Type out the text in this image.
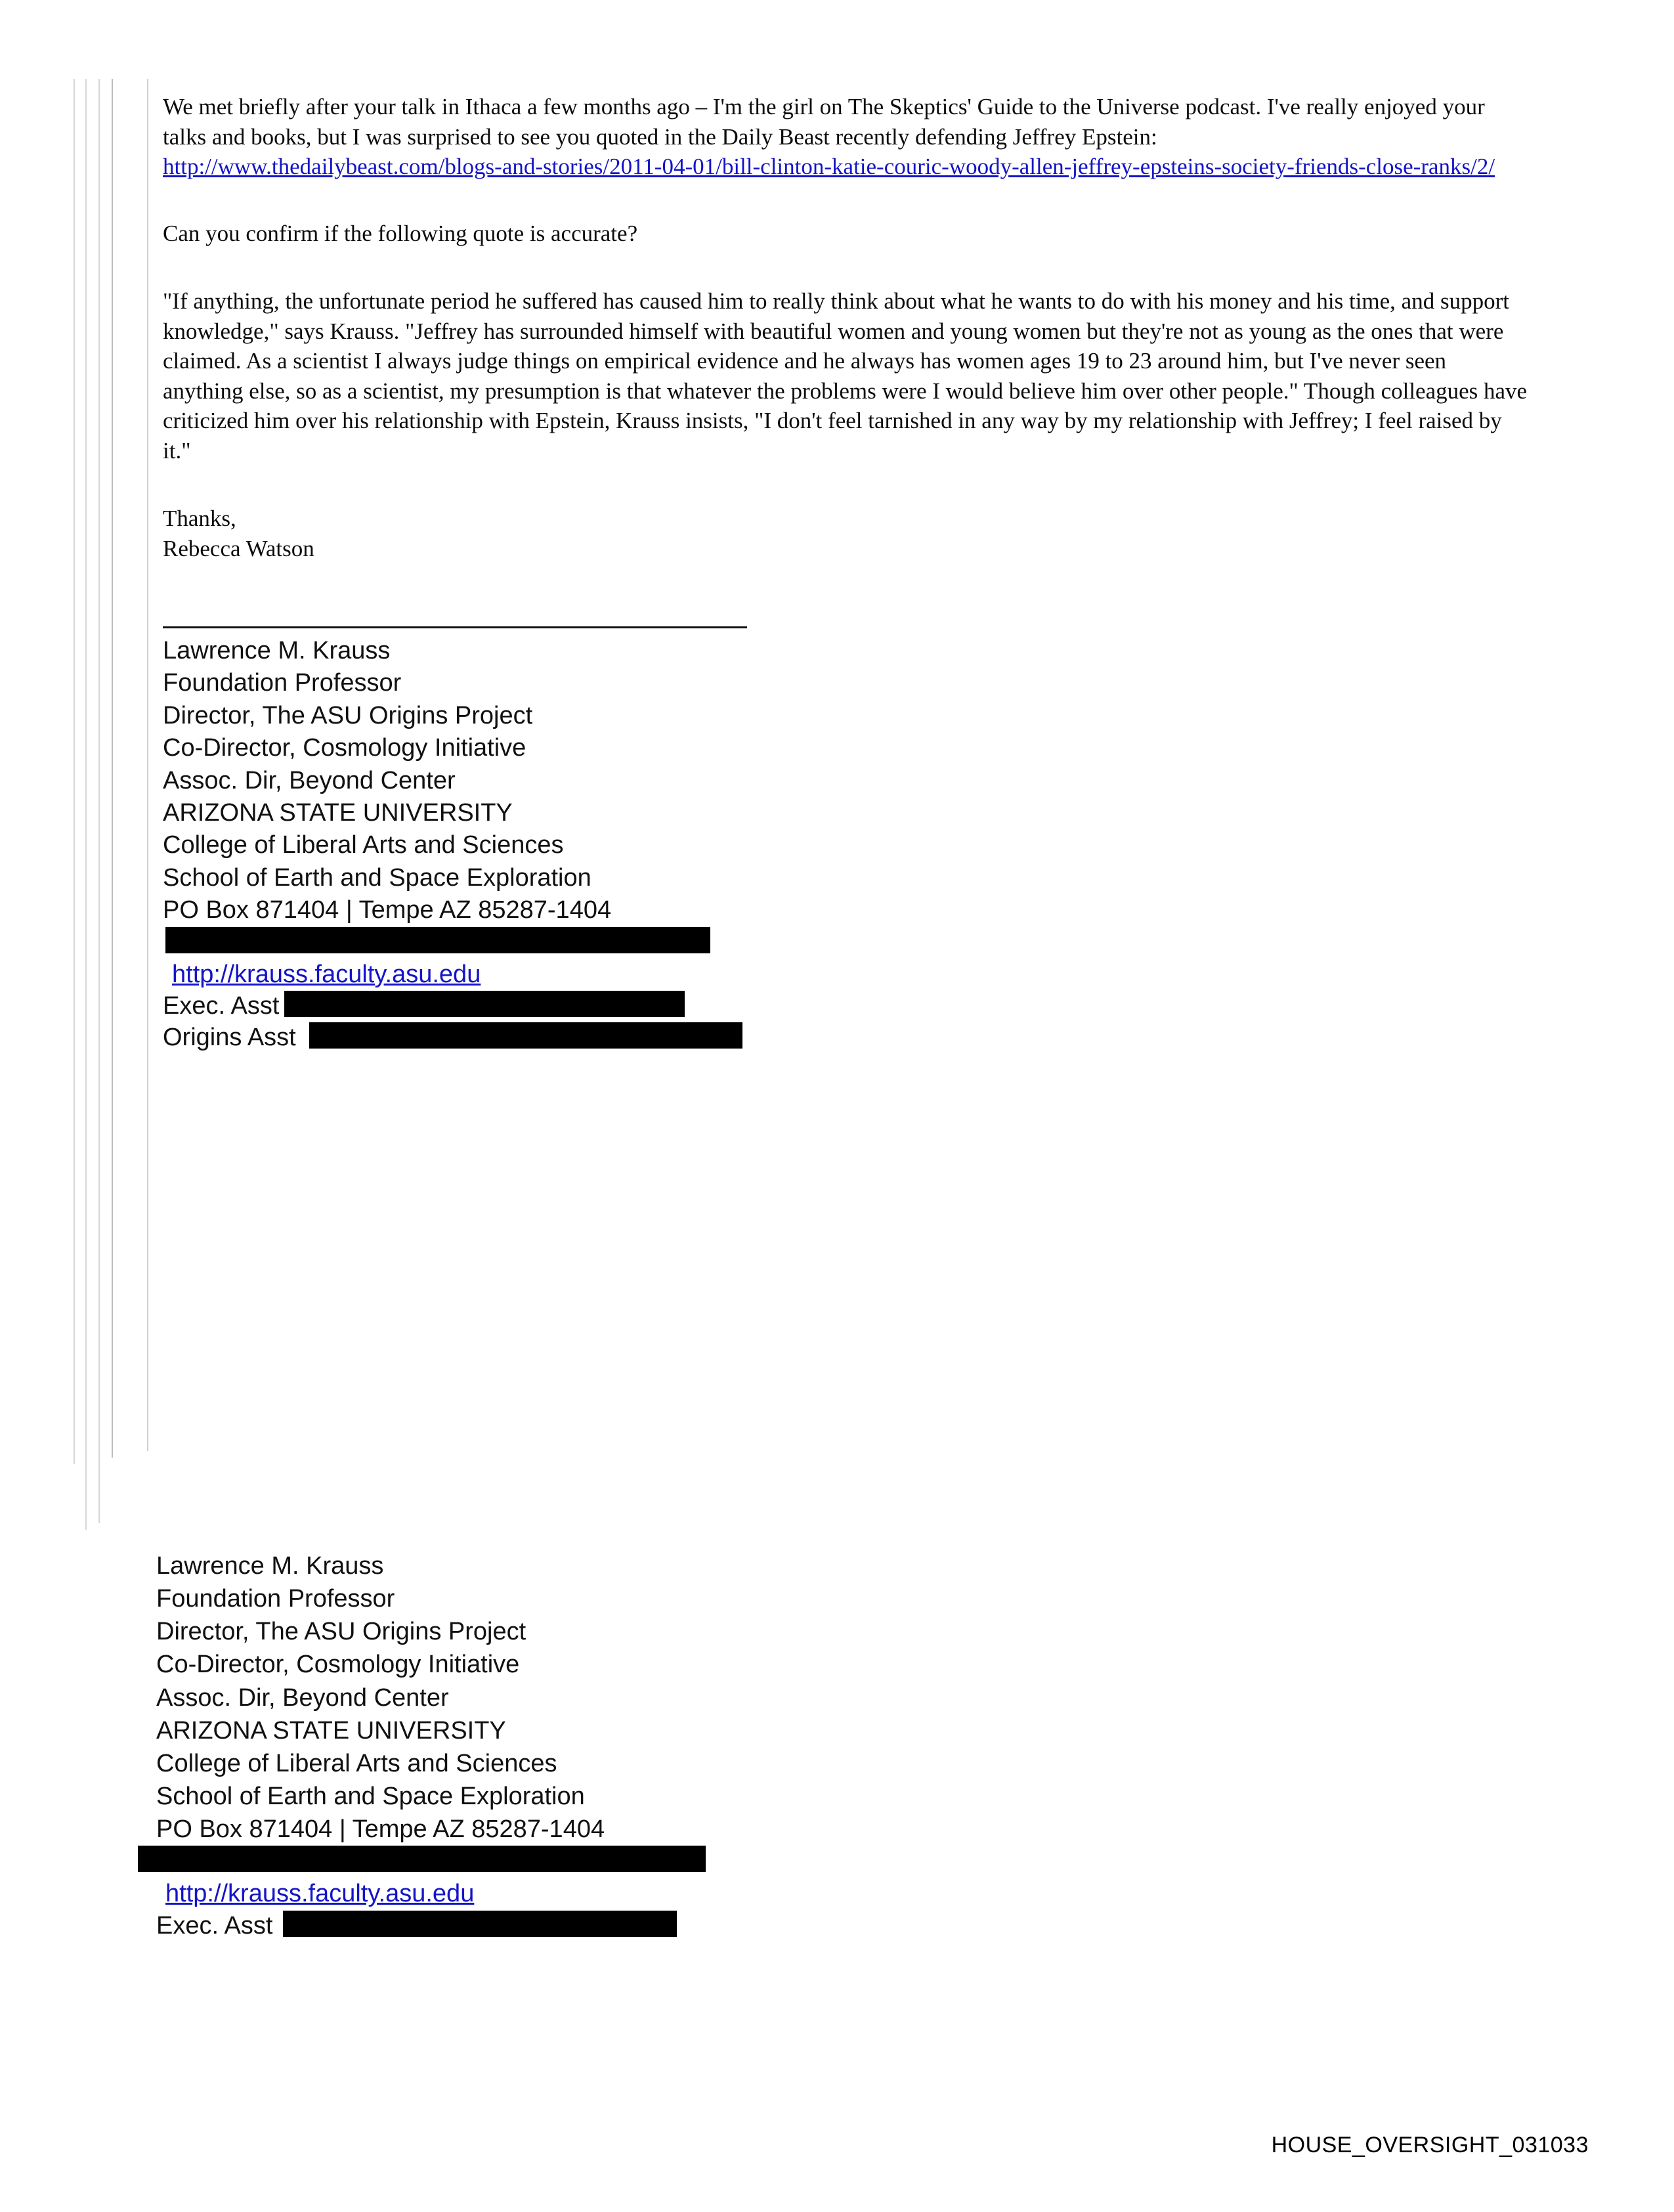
We met briefly after your talk in Ithaca a few months ago – I'm the girl on The Skeptics' Guide to the Universe podcast. I've really enjoyed your talks and books, but I was surprised to see you quoted in the Daily Beast recently defending Jeffrey Epstein:

http://www.thedailybeast.com/blogs-and-stories/2011-04-01/bill-clinton-katie-couric-woody-allen-jeffrey-epsteins-society-friends-close-ranks/2/

Can you confirm if the following quote is accurate?

"If anything, the unfortunate period he suffered has caused him to really think about what he wants to do with his money and his time, and support knowledge," says Krauss. "Jeffrey has surrounded himself with beautiful women and young women but they're not as young as the ones that were claimed. As a scientist I always judge things on empirical evidence and he always has women ages 19 to 23 around him, but I've never seen anything else, so as a scientist, my presumption is that whatever the problems were I would believe him over other people." Though colleagues have criticized him over his relationship with Epstein, Krauss insists, "I don't feel tarnished in any way by my relationship with Jeffrey; I feel raised by it."

Thanks,

Rebecca Watson

Lawrence M. Krauss
Foundation Professor
Director, The ASU Origins Project
Co-Director, Cosmology Initiative
Assoc. Dir, Beyond Center
ARIZONA STATE UNIVERSITY
College of Liberal Arts and Sciences
School of Earth and Space Exploration
PO Box 871404 | Tempe AZ 85287-1404
http://krauss.faculty.asu.edu
Exec. Asst
Origins Asst
Lawrence M. Krauss
Foundation Professor
Director, The ASU Origins Project
Co-Director, Cosmology Initiative
Assoc. Dir, Beyond Center
ARIZONA STATE UNIVERSITY
College of Liberal Arts and Sciences
School of Earth and Space Exploration
PO Box 871404 | Tempe AZ 85287-1404
http://krauss.faculty.asu.edu
Exec. Asst
HOUSE_OVERSIGHT_031033
